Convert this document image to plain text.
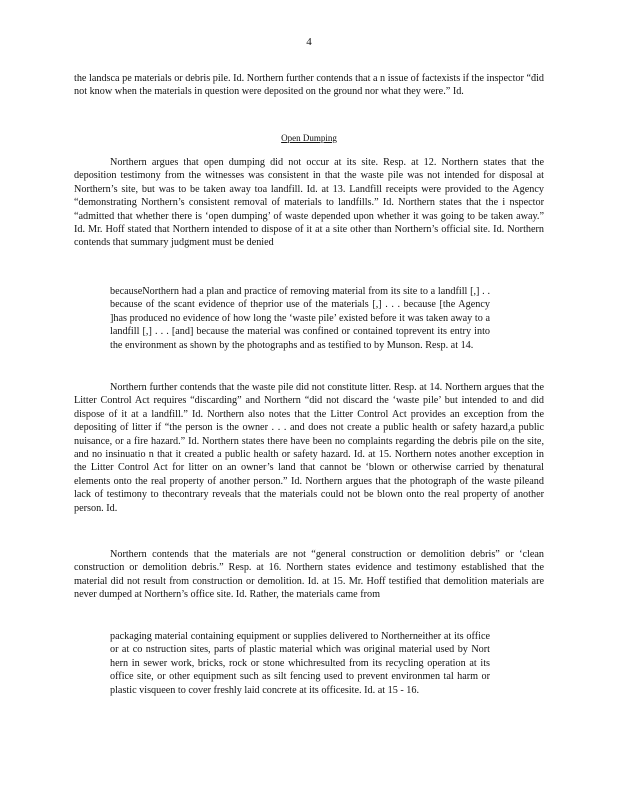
4

the landsca pe materials or debris pile. Id. Northern further contends that a n issue of factexists if the inspector “đid not know when the materials in question were deposited on the ground nor what they were.” Id.

Open Dumping

Northern argues that open dumping did not occur at its site. Resp. at 12. Northern states that the deposition testimony from the witnesses was consistent in that the waste pile was not intended for disposal at Northern’s site, but was to be taken away toa landfill. Id. at 13. Landfill receipts were provided to the Agency “demonstrating Northern’s consistent removal of materials to landfills.” Id. Northern states that the i nspector “admitted that whether there is ‘open dumping’ of waste depended upon whether it was going to be taken away.” Id. Mr. Hoff stated that Northern intended to dispose of it at a site other than Northern’s official site. Id. Northern contends that summary judgment must be denied

becauseNorthern had a plan and practice of removing material from its site to a landfill [,] . . because of the scant evidence of theprior use of the materials [,] . . . because [the Agency ]has produced no evidence of how long the ‘waste pile’ existed before it was taken away to a landfill [,] . . . [and] because the material was confined or contained toprevent its entry into the environment as shown by the photographs and as testified to by Munson. Resp. at 14.

Northern further contends that the waste pile did not constitute litter. Resp. at 14. Northern argues that the Litter Control Act requires “discarding” and Northern “did not discard the ‘waste pile’ but intended to and did dispose of it at a landfill.” Id. Northern also notes that the Litter Control Act provides an exception from the depositing of litter if “the person is the owner . . . and does not create a public health or safety hazard,a public nuisance, or a fire hazard.” Id. Northern states there have been no complaints regarding the debris pile on the site, and no insinuatio n that it created a public health or safety hazard. Id. at 15. Northern notes another exception in the Litter Control Act for litter on an owner’s land that cannot be ‘blown or otherwise carried by thenatural elements onto the real property of another person.” Id. Northern argues that the photograph of the waste pileand lack of testimony to thecontrary reveals that the materials could not be blown onto the real property of another person. Id.

Northern contends that the materials are not “general construction or demolition debris” or ‘clean construction or demolition debris.” Resp. at 16. Northern states evidence and testimony established that the material did not result from construction or demolition. Id. at 15. Mr. Hoff testified that demolition materials are never dumped at Northern’s office site. Id. Rather, the materials came from

packaging material containing equipment or supplies delivered to Northerneither at its office or at co nstruction sites, parts of plastic material which was original material used by Nort hern in sewer work, bricks, rock or stone whichresulted from its recycling operation at its office site, or other equipment such as silt fencing used to prevent environmen tal harm or plastic visqueen to cover freshly laid concrete at its officesite. Id. at 15 - 16.
